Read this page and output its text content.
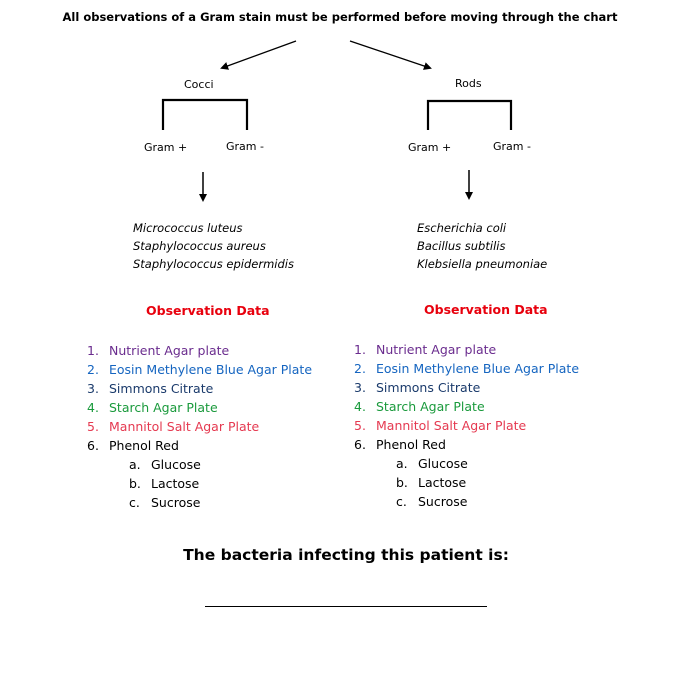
All observations of a Gram stain must be performed before moving through the chart
Cocci
Gram +	Gram -
Micrococcus luteus
Staphylococcus aureus
Staphylococcus epidermidis
Observation Data
1. Nutrient Agar plate
2. Eosin Methylene Blue Agar Plate
3. Simmons Citrate
4. Starch Agar Plate
5. Mannitol Salt Agar Plate
6. Phenol Red
a. Glucose
b. Lactose
c. Sucrose
Rods
Gram +	Gram -
Escherichia coli
Bacillus subtilis
Klebsiella pneumoniae
Observation Data
1. Nutrient Agar plate
2. Eosin Methylene Blue Agar Plate
3. Simmons Citrate
4. Starch Agar Plate
5. Mannitol Salt Agar Plate
6. Phenol Red
a. Glucose
b. Lactose
c. Sucrose
The bacteria infecting this patient is:
